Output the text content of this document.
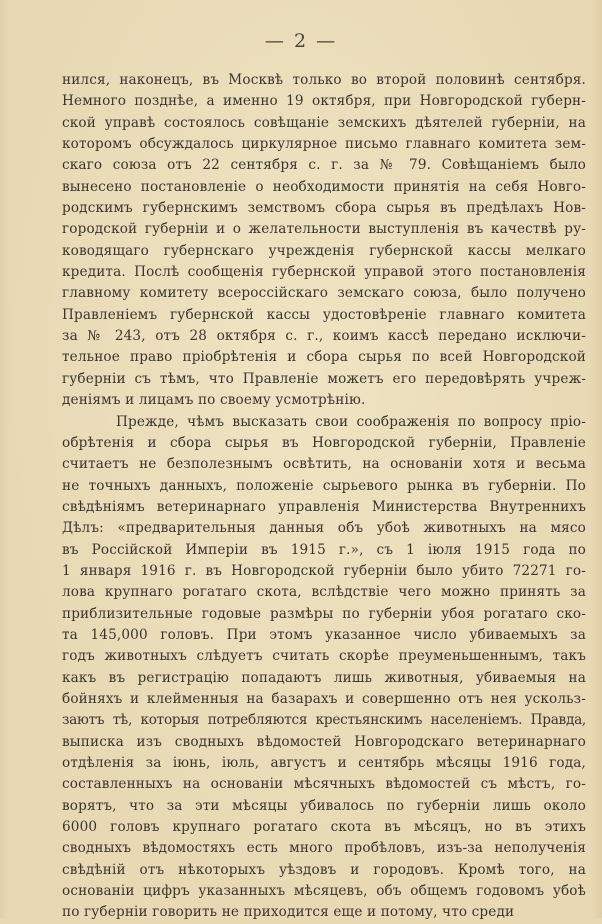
— 2 —
нился, наконецъ, въ Москвѣ только во второй половинѣ сентября.
Немного позднѣе, а именно 19 октября, при Новгородской губерн-
ской управѣ состоялось совѣщаніе земскихъ дѣятелей губерніи, на
которомъ обсуждалось циркулярное письмо главнаго комитета зем-
скаго союза отъ 22 сентября с. г. за № 79. Совѣщаніемъ было
вынесено постановленіе о необходимости принятія на себя Новго-
родскимъ губернскимъ земствомъ сбора сырья въ предѣлахъ Нов-
городской губерніи и о желательности выступленія въ качествѣ ру-
ководящаго губернскаго учрежденія губернской кассы мелкаго
кредита. Послѣ сообщенія губернской управой этого постановленія
главному комитету всероссійскаго земскаго союза, было получено
Правленіемъ губернской кассы удостовѣреніе главнаго комитета
за № 243, отъ 28 октября с. г., коимъ кассѣ передано исключи-
тельное право пріобрѣтенія и сбора сырья по всей Новгородской
губерніи съ тѣмъ, что Правленіе можетъ его передовѣрять учреж-
деніямъ и лицамъ по своему усмотрѣнію.
Прежде, чѣмъ высказать свои соображенія по вопросу пріо-
обрѣтенія и сбора сырья въ Новгородской губерніи, Правленіе
считаетъ не безполезнымъ освѣтить, на основаніи хотя и весьма
не точныхъ данныхъ, положеніе сырьевого рынка въ губерніи. По
свѣдѣніямъ ветеринарнаго управленія Министерства Внутреннихъ
Дѣлъ: «предварительныя данныя объ убоѣ животныхъ на мясо
въ Россійской Имперіи въ 1915 г.», съ 1 іюля 1915 года по
1 января 1916 г. въ Новгородской губерніи было убито 72271 го-
лова крупнаго рогатаго скота, вслѣдствіе чего можно принять за
приблизительные годовые размѣры по губерніи убоя рогатаго ско-
та 145,000 головъ. При этомъ указанное число убиваемыхъ за
годъ животныхъ слѣдуетъ считать скорѣе преуменьшеннымъ, такъ
какъ въ регистрацію попадаютъ лишь животныя, убиваемыя на
бойняхъ и клейменныя на базарахъ и совершенно отъ нея ускольз-
заютъ тѣ, которыя потребляются крестьянскимъ населеніемъ. Правда,
выписка изъ сводныхъ вѣдомостей Новгородскаго ветеринарнаго
отдѣленія за іюнь, іюль, августъ и сентябрь мѣсяцы 1916 года,
составленныхъ на основаніи мѣсячныхъ вѣдомостей съ мѣстъ, го-
ворятъ, что за эти мѣсяцы убивалось по губерніи лишь около
6000 головъ крупнаго рогатаго скота въ мѣсяцъ, но въ этихъ
сводныхъ вѣдомостяхъ есть много пробѣловъ, изъ-за неполученія
свѣдѣній отъ нѣкоторыхъ уѣздовъ и городовъ. Кромѣ того, на
основаніи цифръ указанныхъ мѣсяцевъ, объ общемъ годовомъ убоѣ
по губерніи говорить не приходится еще и потому, что среди
